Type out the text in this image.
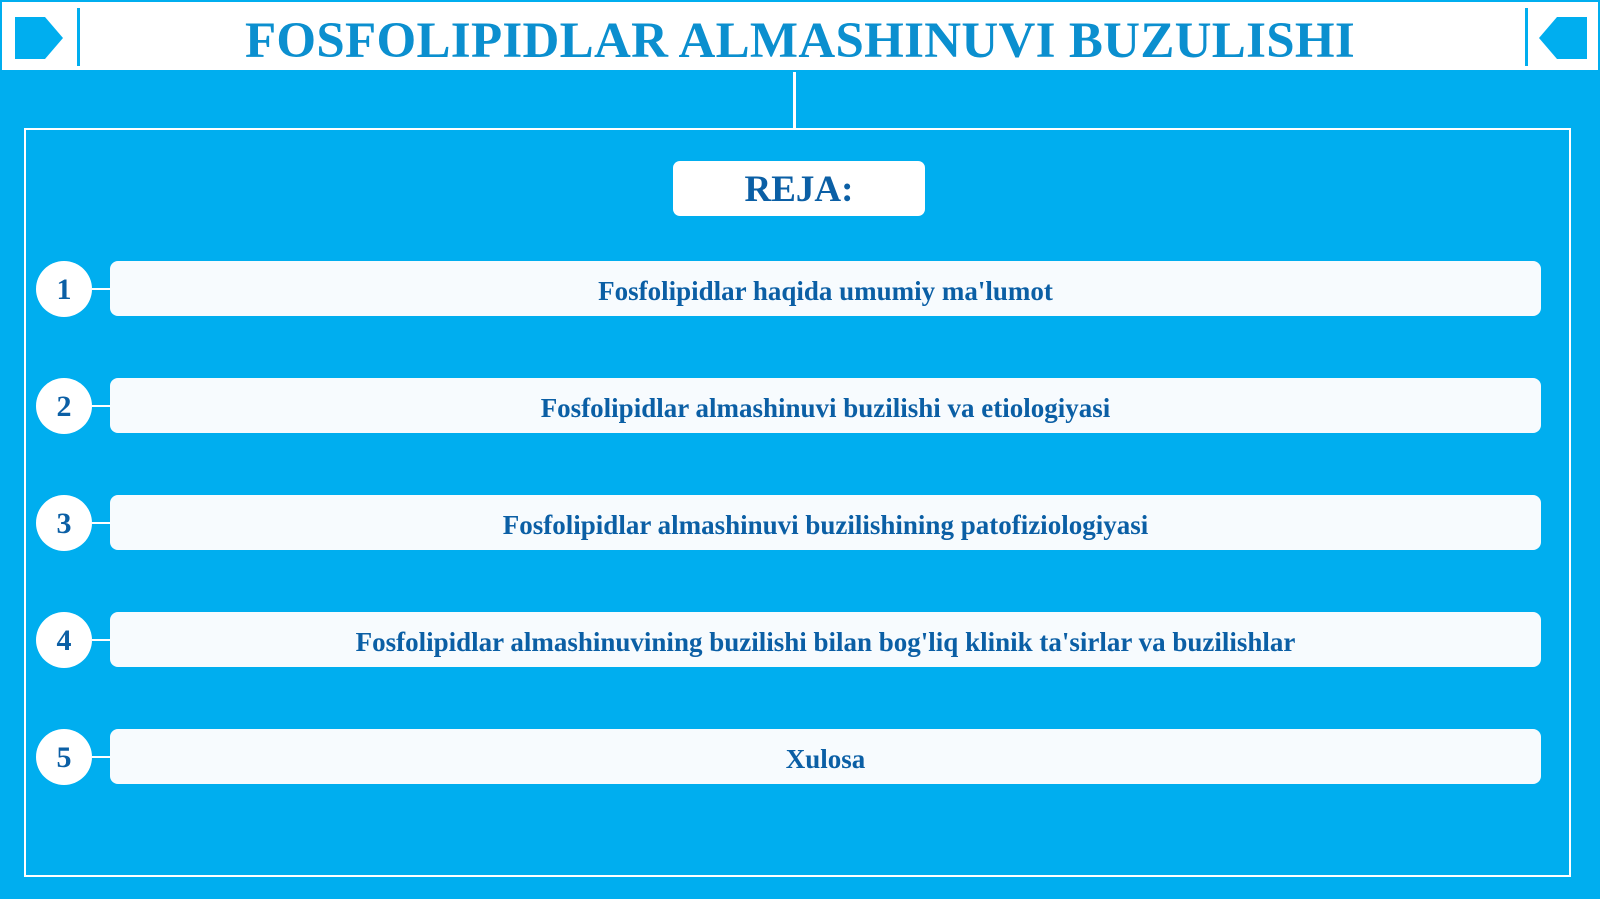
FOSFOLIPIDLAR ALMASHINUVI BUZULISHI
REJA:
1	Fosfolipidlar haqida umumiy ma'lumot
2	Fosfolipidlar almashinuvi buzilishi va etiologiyasi
3	Fosfolipidlar almashinuvi buzilishining patofiziologiyasi
4	Fosfolipidlar almashinuvining buzilishi bilan bog'liq klinik ta'sirlar va buzilishlar
5	Xulosa
